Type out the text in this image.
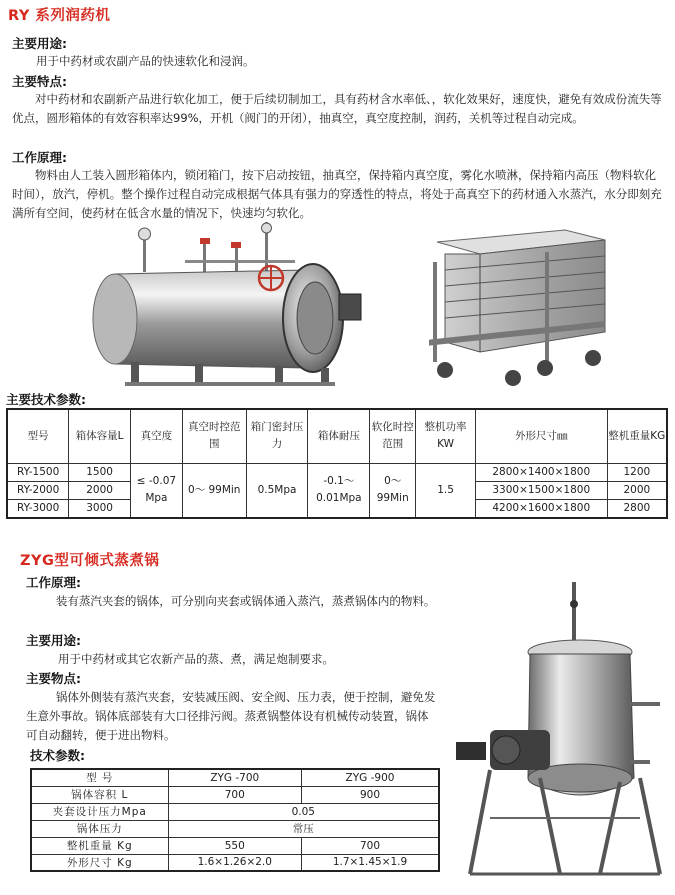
RY 系列润药机
主要用途:
用于中药材或农副产品的快速软化和浸润。
主要特点:
对中药材和农副新产品进行软化加工，便于后续切制加工，具有药材含水率低、，软化效果好，速度快，避免有效成份流失等优点，圆形箱体的有效容积率达99%，开机（阀门的开闭），抽真空，真空度控制，润药，关机等过程自动完成。
工作原理:
物料由人工装入圆形箱体内，锁闭箱门，按下启动按钮，抽真空，保持箱内真空度，雾化水喷淋，保持箱内高压（物料软化时间），放汽，停机。整个操作过程自动完成根据气体具有强力的穿透性的特点，将处于高真空下的药材通入水蒸汽，水分即刻充满所有空间，使药材在低含水量的情况下，快速均匀软化。
主要技术参数:
型号	箱体容量L	真空度	真空时控范围	箱门密封压力	箱体耐压	软化时控范围	整机功率KW	外形尺寸㎜	整机重量KG
RY-1500	1500	≤ -0.07 Mpa	0～ 99Min	0.5Mpa	-0.1～ 0.01Mpa	0～ 99Min	1.5	2800×1400×1800	1200
RY-2000	2000							3300×1500×1800	2000
RY-3000	3000							4200×1600×1800	2800
ZYG型可倾式蒸煮锅
工作原理:
装有蒸汽夹套的锅体，可分别向夹套或锅体通入蒸汽，蒸煮锅体内的物料。
主要用途:
用于中药材或其它农新产品的蒸、煮，满足炮制要求。
主要物点:
锅体外侧装有蒸汽夹套，安装减压阀、安全阀、压力表，便于控制，避免发生意外事故。锅体底部装有大口径排污阀。蒸煮锅整体设有机械传动装置，锅体可自动翻转，便于进出物料。
技术参数:
型 号	ZYG -700	ZYG -900
锅体容积 L	700	900
夹套设计压力Mpa	0.05	
锅体压力	常压	
整机重量 Kg	550	700
外形尺寸 Kg	1.6×1.26×2.0	1.7×1.45×1.9
